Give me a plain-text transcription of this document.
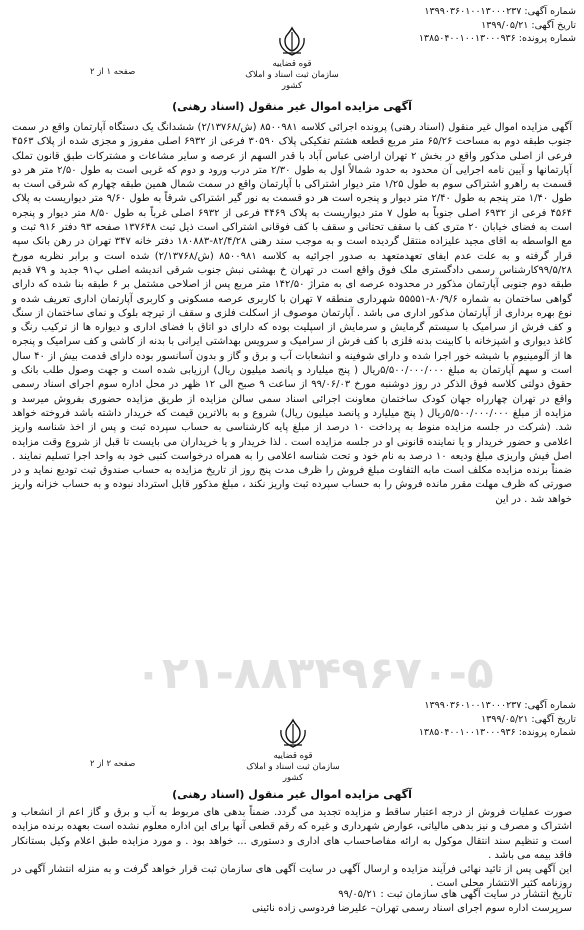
شماره آگهی: ۱۳۹۹۰۳۶۰۱۰۰۱۳۰۰۰۲۳۷
تاریخ آگهی: ۱۳۹۹/۰۵/۲۱
شماره پرونده: ۱۳۸۵۰۴۰۰۱۰۰۱۳۰۰۰۹۳۶
قوه قضاییه
سازمان ثبت اسناد و املاک کشور
صفحه ۱ از ۲
آگهی مزایده اموال غیر منقول (اسناد رهنی)

آگهی مزایده اموال غیر منقول (اسناد رهنی) پرونده اجرائی کلاسه ۸۵۰۰۹۸۱ (ش/۲/۱۳۷۶۸) ششدانگ یک دستگاه آپارتمان واقع در سمت جنوب طبقه دوم به مساحت ۶۵/۲۶ متر مربع قطعه هشتم تفکیکی پلاک ۳۰۵۹۰ فرعی از ۶۹۳۲ اصلی مفروز و مجزی شده از پلاک ۴۵۶۳ فرعی از اصلی مذکور واقع در بخش ۲ تهران اراضی عباس آباد با قدر السهم از عرصه و سایر مشاعات و مشترکات طبق قانون تملک آپارتمانها و آیین نامه اجرایی آن محدود به حدود شمالاً اول به طول ۲/۳۰ متر درب ورود و دوم که غربی است به طول ۲/۵۰ متر هر دو قسمت به راهرو اشتراکی سوم به طول ۱/۲۵ متر دیوار اشتراکی با آپارتمان واقع در سمت شمال همین طبقه چهارم که شرقی است به طول ۱/۴۰ متر پنجم به طول ۲/۴۰ متر دیوار و پنجره است هر دو قسمت به نور گیر اشتراکی شرقاً به طول ۹/۶۰ متر دیواریست به پلاک ۴۵۶۴ فرعی از ۶۹۳۲ اصلی جنوباً به طول ۷ متر دیواریست به پلاک ۴۴۶۹ فرعی از ۶۹۳۲ اصلی غرباً به طول ۸/۵۰ متر دیوار و پنجره است به فضای خیابان ۲۰ متری کف با سقف تحتانی و سقف با کف فوقانی اشتراکی است ذیل ثبت ۱۳۷۶۴۸ صفحه ۹۳ دفتر ۹۱۶ ثبت و مع الواسطه به اقای مجید علیزاده منتقل گردیده است و به موجب سند رهنی ۸۲/۴/۲۸-۱۸۰۸۸۳ دفتر خانه ۳۴۷ تهران در رهن بانک سپه قرار گرفته و به علت عدم ایفای تعهدمتعهد به صدور اجرائیه به کلاسه ۸۵۰۰۹۸۱ (ش/۲/۱۳۷۶۸) شده است و برابر نظریه مورخ ۹۹/۵/۲۸کارشناس رسمی دادگستری ملک فوق واقع است در تهران خ بهشتی نبش جنوب شرقی اندیشه اصلی پ۹۱ جدید و ۷۹ قدیم طبقه دوم جنوبی آپارتمان مذکور در محدوده عرصه ای به متراژ ۱۴۲/۵۰ متر مربع پس از اصلاحی مشتمل بر ۶ طبقه بنا شده که دارای گواهی ساختمان به شماره ۸۰/۹/۶-۵۵۵۵۱ شهرداری منطقه ۷ تهران با کاربری عرصه مسکونی و کاربری آپارتمان اداری تعریف شده و نوع بهره برداری از آپارتمان مذکور اداری می باشد . آپارتمان موصوف از اسکلت فلزی و سقف از تیرچه بلوک و نمای ساختمان از سنگ و کف فرش از سرامیک با سیستم گرمایش و سرمایش از اسپلیت بوده که دارای دو اتاق با فضای اداری و دیواره ها از ترکیب رنگ و کاغذ دیواری و اشپزخانه با کابینت بدنه فلزی با کف فرش از سرامیک و سرویس بهداشتی ایرانی با بدنه از کاشی و کف سرامیک و پنجره ها از آلومینیوم با شیشه خور اجرا شده و دارای شوفینه و انشعابات آب و برق و گاز و بدون آسانسور بوده دارای قدمت بیش از ۴۰ سال است و سهم آپارتمان به مبلغ ۵/۵۰۰/۰۰۰/۰۰۰ریال ( پنج میلیارد و پانصد میلیون ریال) ارزیابی شده است و جهت وصول طلب بانک و حقوق دولتی کلاسه فوق الذکر در روز دوشنبه مورخ ۹۹/۰۶/۰۳ از ساعت ۹ صبح الی ۱۲ ظهر در محل اداره سوم اجرای اسناد رسمی واقع در تهران چهارراه جهان کودک ساختمان معاونت اجرائی اسناد سمی سالن مزایده از طریق مزایده حضوری بفروش میرسد و مزایده از مبلغ ۵/۵۰۰/۰۰۰/۰۰۰ریال ( پنج میلیارد و پانصد میلیون ریال) شروع و به بالاترین قیمت که خریدار داشته باشد فروخته خواهد شد. (شرکت در جلسه مزایده منوط به پرداخت ۱۰ درصد از مبلغ پایه کارشناسی به حساب سپرده ثبت و پس از اخذ شناسه واریز اعلامی و حضور خریدار و یا نماینده قانونی او در جلسه مزایده است . لذا خریدار و یا خریداران می بایست تا قبل از شروع وقت مزایده اصل فیش واریزی مبلغ ودیعه ۱۰ درصد به نام خود و تحت شناسه اعلامی را به همراه درخواست کتبی خود به واحد اجرا تسلیم نمایند . ضمناً برنده مزایده مکلف است مابه التفاوت مبلغ فروش را ظرف مدت پنج روز از تاریخ مزایده به حساب صندوق ثبت تودیع نماید و در صورتی که ظرف مهلت مقرر مانده فروش را به حساب سپرده ثبت واریز نکند ، مبلغ مذکور قابل استرداد نبوده و به حساب خزانه واریز خواهد شد . در این

۰۲۱-۸۸۳۴۹۶۷۰-۵
شماره آگهی: ۱۳۹۹۰۳۶۰۱۰۰۱۳۰۰۰۲۳۷
تاریخ آگهی: ۱۳۹۹/۰۵/۲۱
شماره پرونده: ۱۳۸۵۰۴۰۰۱۰۰۱۳۰۰۰۹۳۶
قوه قضاییه
سازمان ثبت اسناد و املاک کشور
صفحه ۲ از ۲
آگهی مزایده اموال غیر منقول (اسناد رهنی)

صورت عملیات فروش از درجه اعتبار ساقط و مزایده تجدید می گردد. ضمناً بدهی های مربوط به آب و برق و گاز اعم از انشعاب و اشتراک و مصرف و نیز بدهی مالیاتی، عوارض شهرداری و غیره که رقم قطعی آنها برای این اداره معلوم نشده است بعهده برنده مزایده است و تنظیم سند انتقال موکول به ارائه مفاصاحساب های اداری و دستوری ... خواهد بود . و مورد مزایده طبق اعلام وکیل بستانکار فاقد بیمه می باشد .

این آگهی پس از تائید نهائی فرآیند مزایده و ارسال آگهی در سایت آگهی های سازمان ثبت قرار خواهد گرفت و به منزله انتشار آگهی در روزنامه کثیر الانتشار محلی است .

تاریخ انتشار در سایت آگهی های سازمان ثبت : ۹۹/۰۵/۲۱
سرپرست اداره سوم اجرای اسناد رسمی تهران– علیرضا فردوسی زاده نائینی
